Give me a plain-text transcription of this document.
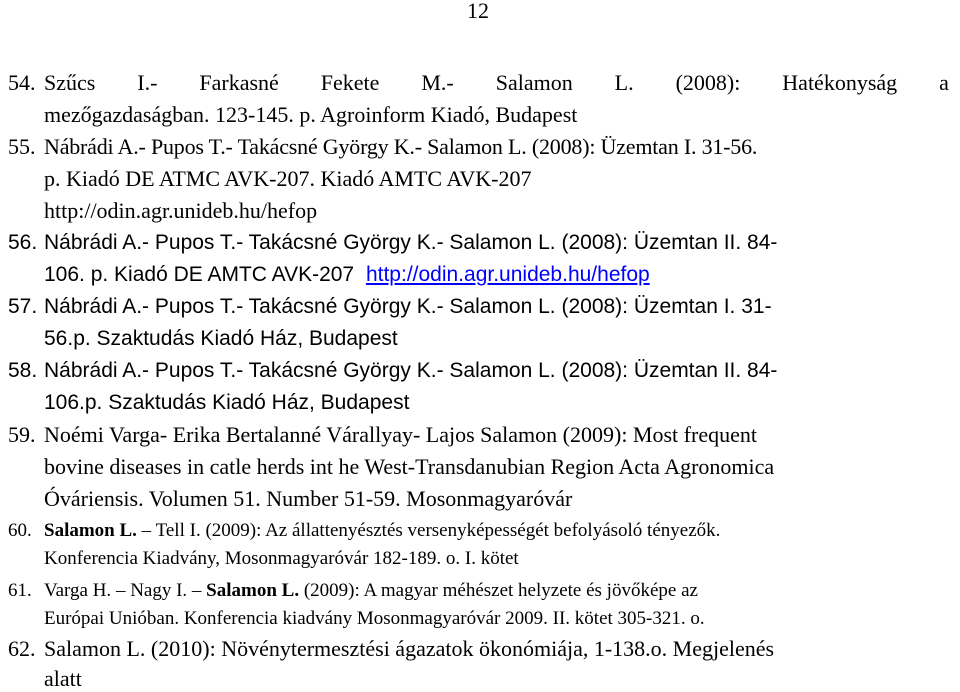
12
54. Szűcs I.- Farkasné Fekete M.- Salamon L. (2008): Hatékonyság a
mezőgazdaságban. 123-145. p. Agroinform Kiadó, Budapest
55. Nábrádi A.- Pupos T.- Takácsné György K.- Salamon L. (2008): Üzemtan I. 31-56.
p. Kiadó DE ATMC AVK-207. Kiadó AMTC AVK-207
http://odin.agr.unideb.hu/hefop
56. Nábrádi A.- Pupos T.- Takácsné György K.- Salamon L. (2008): Üzemtan II. 84-
106. p. Kiadó DE AMTC AVK-207 http://odin.agr.unideb.hu/hefop
57. Nábrádi A.- Pupos T.- Takácsné György K.- Salamon L. (2008): Üzemtan I. 31-
56.p. Szaktudás Kiadó Ház, Budapest
58. Nábrádi A.- Pupos T.- Takácsné György K.- Salamon L. (2008): Üzemtan II. 84-
106.p. Szaktudás Kiadó Ház, Budapest
59. Noémi Varga- Erika Bertalanné Várallyay- Lajos Salamon (2009): Most frequent
bovine diseases in catle herds int he West-Transdanubian Region Acta Agronomica
Óváriensis. Volumen 51. Number 51-59. Mosonmagyaróvár
60. Salamon L. – Tell I. (2009): Az állattenyésztés versenyképességét befolyásoló tényezők.
Konferencia Kiadvány, Mosonmagyaróvár 182-189. o. I. kötet
61. Varga H. – Nagy I. – Salamon L. (2009): A magyar méhészet helyzete és jövőképe az
Európai Unióban. Konferencia kiadvány Mosonmagyaróvár 2009. II. kötet 305-321. o.
62. Salamon L. (2010): Növénytermesztési ágazatok ökonómiája, 1-138.o. Megjelenés
alatt
